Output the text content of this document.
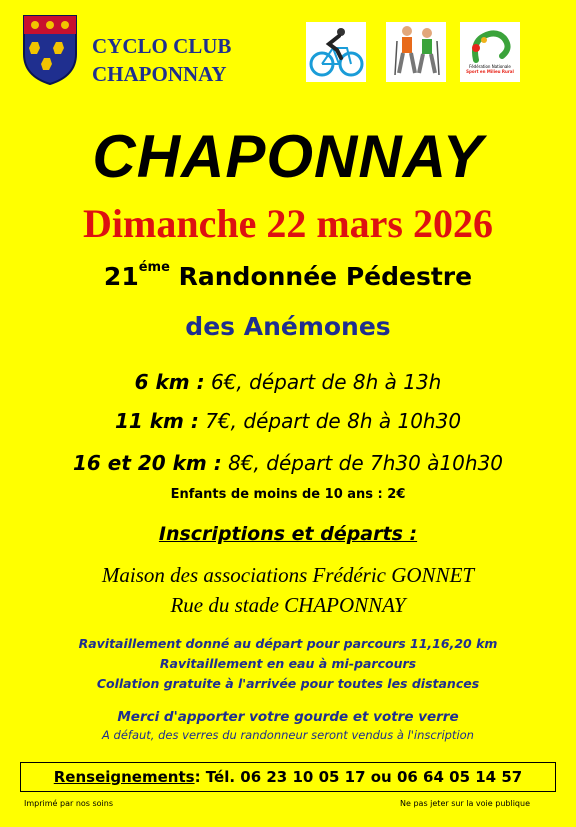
CYCLO CLUB
CHAPONNAY	Fédération Nationale
Sport en Milieu Rural
CHAPONNAY
Dimanche 22 mars 2026
$21^{éme}$ Randonnée Pédestre
des Anémones
6 km : 6€, départ de 8h à 13h
11 km : 7€, départ de 8h à 10h30
16 et 20 km : 8€, départ de 7h30 à10h30
Enfants de moins de 10 ans : 2€
Inscriptions et départs :
Maison des associations Frédéric GONNET
Rue du stade CHAPONNAY
Ravitaillement donné au départ pour parcours 11,16,20 km
Ravitaillement en eau à mi-parcours
Collation gratuite à l'arrivée pour toutes les distances
Merci d'apporter votre gourde et votre verre
A défaut, des verres du randonneur seront vendus à l'inscription
Renseignements : Tél. 06 23 10 05 17 ou 06 64 05 14 57
Imprimé par nos soins	Ne pas jeter sur la voie publique
